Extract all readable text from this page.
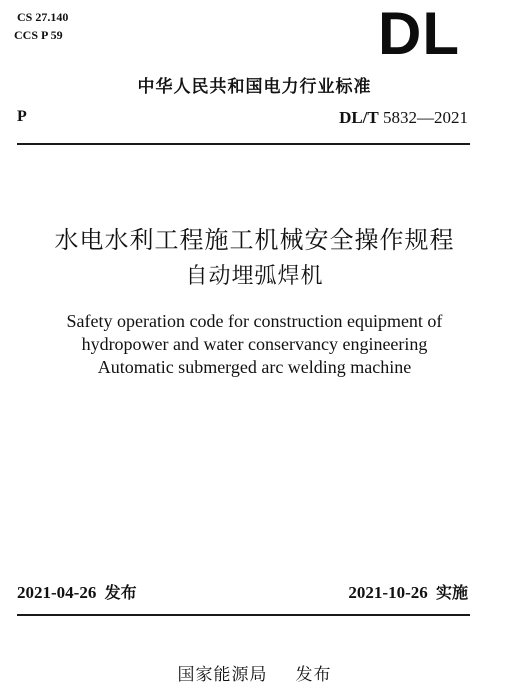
CS 27.140
CCS P 59	DL
中华人民共和国电力行业标准
P	DL/T 5832—2021
水电水利工程施工机械安全操作规程
自动埋弧焊机
Safety operation code for construction equipment of
hydropower and water conservancy engineering
Automatic submerged arc welding machine
2021-04-26 发布	2021-10-26 实施
国家能源局 发布
